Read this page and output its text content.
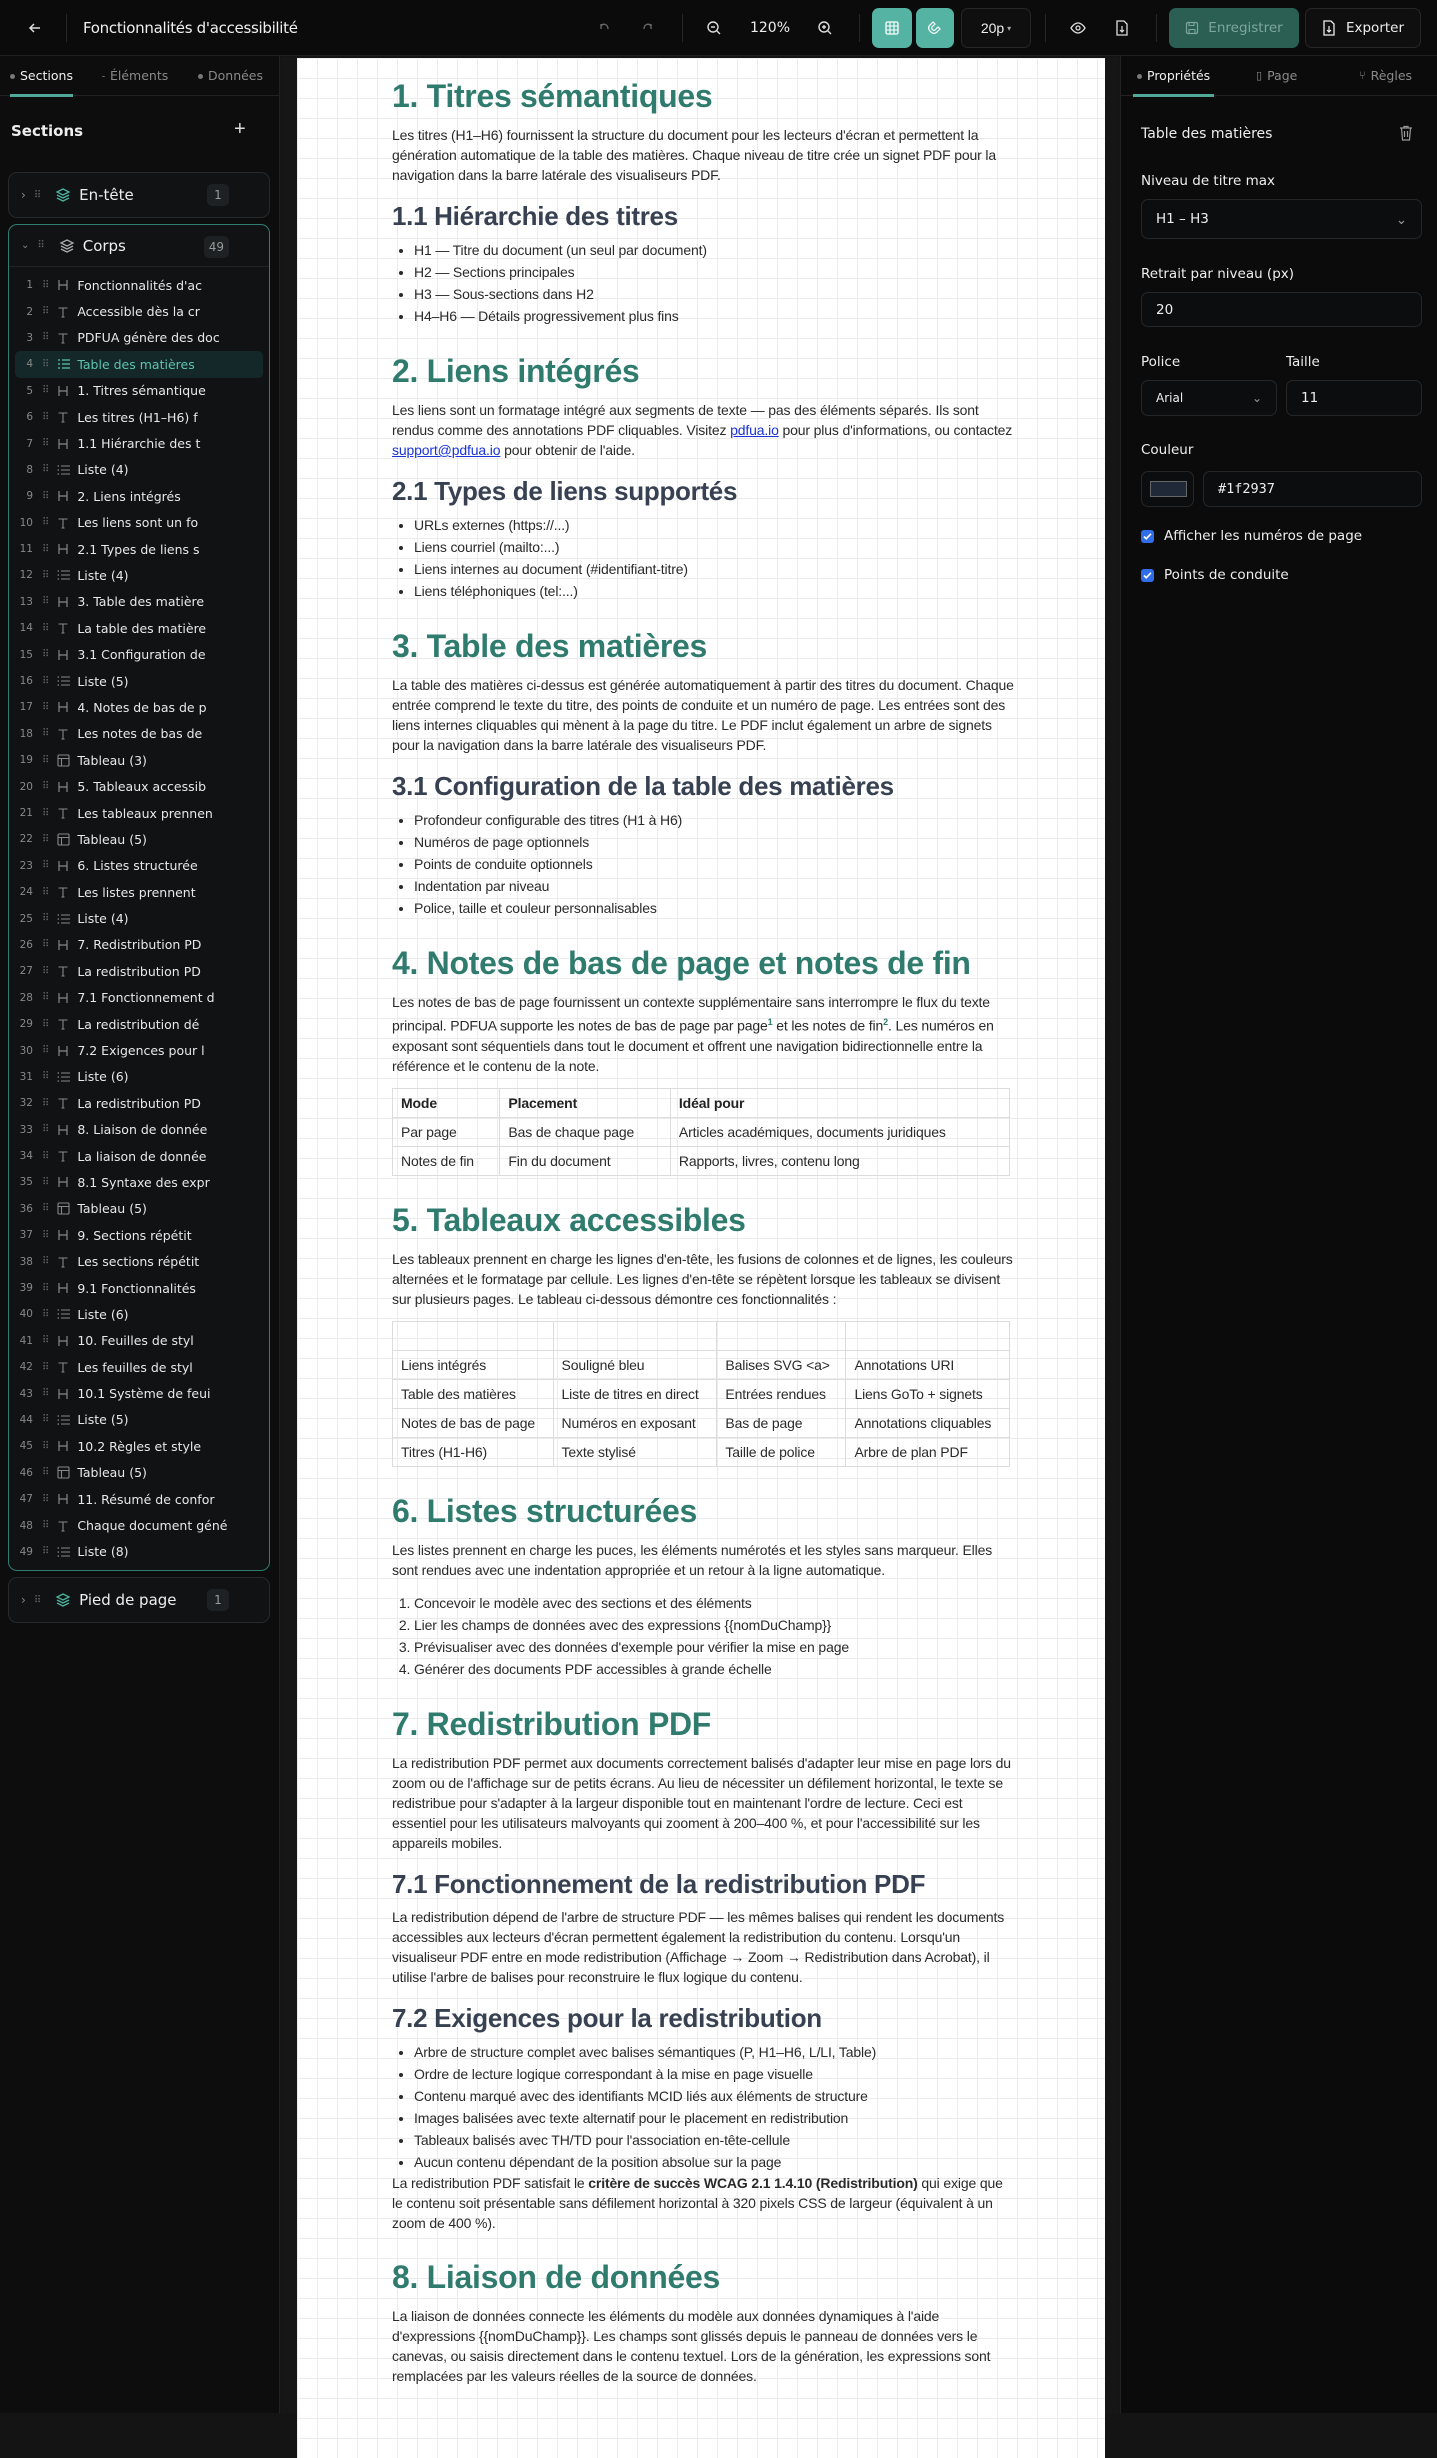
Fonctionnalités d'accessibilité	120%	20p ▾	Enregistrer	Exporter
Sections	Éléments	Données
Sections	+
› ⠿	En-tête	1
⌄ ⠿	Corps	49
1 ⠿ Fonctionnalités d'ac
2 ⠿ Accessible dès la cr
3 ⠿ PDFUA génère des doc
4 ⠿ Table des matières
5 ⠿ 1. Titres sémantique
6 ⠿ Les titres (H1–H6) f
7 ⠿ 1.1 Hiérarchie des t
8 ⠿ Liste (4)
9 ⠿ 2. Liens intégrés
10 ⠿ Les liens sont un fo
11 ⠿ 2.1 Types de liens s
12 ⠿ Liste (4)
13 ⠿ 3. Table des matière
14 ⠿ La table des matière
15 ⠿ 3.1 Configuration de
16 ⠿ Liste (5)
17 ⠿ 4. Notes de bas de p
18 ⠿ Les notes de bas de
19 ⠿ Tableau (3)
20 ⠿ 5. Tableaux accessib
21 ⠿ Les tableaux prennen
22 ⠿ Tableau (5)
23 ⠿ 6. Listes structurée
24 ⠿ Les listes prennent
25 ⠿ Liste (4)
26 ⠿ 7. Redistribution PD
27 ⠿ La redistribution PD
28 ⠿ 7.1 Fonctionnement d
29 ⠿ La redistribution dé
30 ⠿ 7.2 Exigences pour l
31 ⠿ Liste (6)
32 ⠿ La redistribution PD
33 ⠿ 8. Liaison de donnée
34 ⠿ La liaison de donnée
35 ⠿ 8.1 Syntaxe des expr
36 ⠿ Tableau (5)
37 ⠿ 9. Sections répétit
38 ⠿ Les sections répétit
39 ⠿ 9.1 Fonctionnalités
40 ⠿ Liste (6)
41 ⠿ 10. Feuilles de styl
42 ⠿ Les feuilles de styl
43 ⠿ 10.1 Système de feui
44 ⠿ Liste (5)
45 ⠿ 10.2 Règles et style
46 ⠿ Tableau (5)
47 ⠿ 11. Résumé de confor
48 ⠿ Chaque document géné
49 ⠿ Liste (8)
› ⠿	Pied de page	1
1. Titres sémantiques

Les titres (H1–H6) fournissent la structure du document pour les lecteurs d'écran et permettent la génération automatique de la table des matières. Chaque niveau de titre crée un signet PDF pour la navigation dans la barre latérale des visualiseurs PDF.

1.1 Hiérarchie des titres
• H1 — Titre du document (un seul par document)
• H2 — Sections principales
• H3 — Sous-sections dans H2
• H4–H6 — Détails progressivement plus fins
2. Liens intégrés

Les liens sont un formatage intégré aux segments de texte — pas des éléments séparés. Ils sont rendus comme des annotations PDF cliquables. Visitez pdfua.io pour plus d'informations, ou contactez support@pdfua.io pour obtenir de l'aide.

2.1 Types de liens supportés
• URLs externes (https://...)
• Liens courriel (mailto:...)
• Liens internes au document (#identifiant-titre)
• Liens téléphoniques (tel:...)
3. Table des matières

La table des matières ci-dessus est générée automatiquement à partir des titres du document. Chaque entrée comprend le texte du titre, des points de conduite et un numéro de page. Les entrées sont des liens internes cliquables qui mènent à la page du titre. Le PDF inclut également un arbre de signets pour la navigation dans la barre latérale des visualiseurs PDF.

3.1 Configuration de la table des matières
• Profondeur configurable des titres (H1 à H6)
• Numéros de page optionnels
• Points de conduite optionnels
• Indentation par niveau
• Police, taille et couleur personnalisables
4. Notes de bas de page et notes de fin

Les notes de bas de page fournissent un contexte supplémentaire sans interrompre le flux du texte principal. PDFUA supporte les notes de bas de page par page$^1$ et les notes de fin$^2$. Les numéros en exposant sont séquentiels dans tout le document et offrent une navigation bidirectionnelle entre la référence et le contenu de la note.

Mode	Placement	Idéal pour
Par page	Bas de chaque page	Articles académiques, documents juridiques
Notes de fin	Fin du document	Rapports, livres, contenu long
5. Tableaux accessibles

Les tableaux prennent en charge les lignes d'en-tête, les fusions de colonnes et de lignes, les couleurs alternées et le formatage par cellule. Les lignes d'en-tête se répètent lorsque les tableaux se divisent sur plusieurs pages. Le tableau ci-dessous démontre ces fonctionnalités :

Liens intégrés	Souligné bleu	Balises SVG <a>	Annotations URI
Table des matières	Liste de titres en direct	Entrées rendues	Liens GoTo + signets
Notes de bas de page	Numéros en exposant	Bas de page	Annotations cliquables
Titres (H1-H6)	Texte stylisé	Taille de police	Arbre de plan PDF
6. Listes structurées

Les listes prennent en charge les puces, les éléments numérotés et les styles sans marqueur. Elles sont rendues avec une indentation appropriée et un retour à la ligne automatique.

1. Concevoir le modèle avec des sections et des éléments
2. Lier les champs de données avec des expressions {{nomDuChamp}}
3. Prévisualiser avec des données d'exemple pour vérifier la mise en page
4. Générer des documents PDF accessibles à grande échelle
7. Redistribution PDF

La redistribution PDF permet aux documents correctement balisés d'adapter leur mise en page lors du zoom ou de l'affichage sur de petits écrans. Au lieu de nécessiter un défilement horizontal, le texte se redistribue pour s'adapter à la largeur disponible tout en maintenant l'ordre de lecture. Ceci est essentiel pour les utilisateurs malvoyants qui zooment à 200–400 %, et pour l'accessibilité sur les appareils mobiles.

7.1 Fonctionnement de la redistribution PDF

La redistribution dépend de l'arbre de structure PDF — les mêmes balises qui rendent les documents accessibles aux lecteurs d'écran permettent également la redistribution du contenu. Lorsqu'un visualiseur PDF entre en mode redistribution (Affichage → Zoom → Redistribution dans Acrobat), il utilise l'arbre de balises pour reconstruire le flux logique du contenu.

7.2 Exigences pour la redistribution
• Arbre de structure complet avec balises sémantiques (P, H1–H6, L/LI, Table)
• Ordre de lecture logique correspondant à la mise en page visuelle
• Contenu marqué avec des identifiants MCID liés aux éléments de structure
• Images balisées avec texte alternatif pour le placement en redistribution
• Tableaux balisés avec TH/TD pour l'association en-tête-cellule
• Aucun contenu dépendant de la position absolue sur la page

La redistribution PDF satisfait le critère de succès WCAG 2.1 1.4.10 (Redistribution) qui exige que le contenu soit présentable sans défilement horizontal à 320 pixels CSS de largeur (équivalent à un zoom de 400 %).

8. Liaison de données

La liaison de données connecte les éléments du modèle aux données dynamiques à l'aide d'expressions {{nomDuChamp}}. Les champs sont glissés depuis le panneau de données vers le canevas, ou saisis directement dans le contenu textuel. Lors de la génération, les expressions sont remplacées par les valeurs réelles de la source de données.

Propriétés	▯ Page	⑂ Règles
Table des matières
Niveau de titre max
H1 – H3	⌄
Retrait par niveau (px)
20
Police	Taille
Arial	⌄	11
Couleur
#1f2937
Afficher les numéros de page
Points de conduite
